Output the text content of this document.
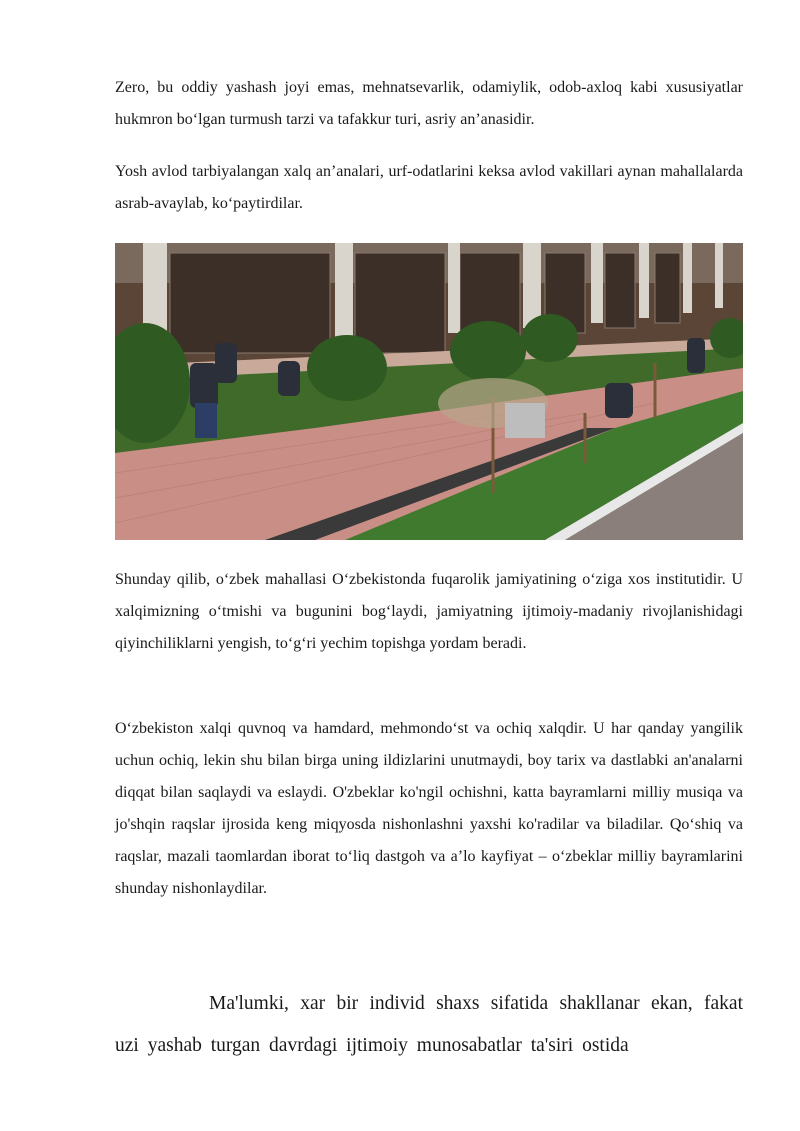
Zero, bu oddiy yashash joyi emas, mehnatsevarlik, odamiylik, odob-axloq kabi xususiyatlar hukmron bo‘lgan turmush tarzi va tafakkur turi, asriy an’anasidir.

Yosh avlod tarbiyalangan xalq an’analari, urf-odatlarini keksa avlod vakillari aynan mahallalarda asrab-avaylab, ko‘paytirdilar.

Shunday qilib, o‘zbek mahallasi O‘zbekistonda fuqarolik jamiyatining o‘ziga xos institutidir. U xalqimizning o‘tmishi va bugunini bog‘laydi, jamiyatning ijtimoiy-madaniy rivojlanishidagi qiyinchiliklarni yengish, to‘g‘ri yechim topishga yordam beradi.

O‘zbekiston xalqi quvnoq va hamdard, mehmondo‘st va ochiq xalqdir. U har qanday yangilik uchun ochiq, lekin shu bilan birga uning ildizlarini unutmaydi, boy tarix va dastlabki an'analarni diqqat bilan saqlaydi va eslaydi. O'zbeklar ko'ngil ochishni, katta bayramlarni milliy musiqa va jo'shqin raqslar ijrosida keng miqyosda nishonlashni yaxshi ko'radilar va biladilar. Qo‘shiq va raqslar, mazali taomlardan iborat to‘liq dastgoh va a’lo kayfiyat – o‘zbeklar milliy bayramlarini shunday nishonlaydilar.

Ma'lumki, xar bir individ shaxs sifatida shakllanar ekan, fakat uzi yashab turgan davrdagi ijtimoiy munosabatlar ta'siri ostida
